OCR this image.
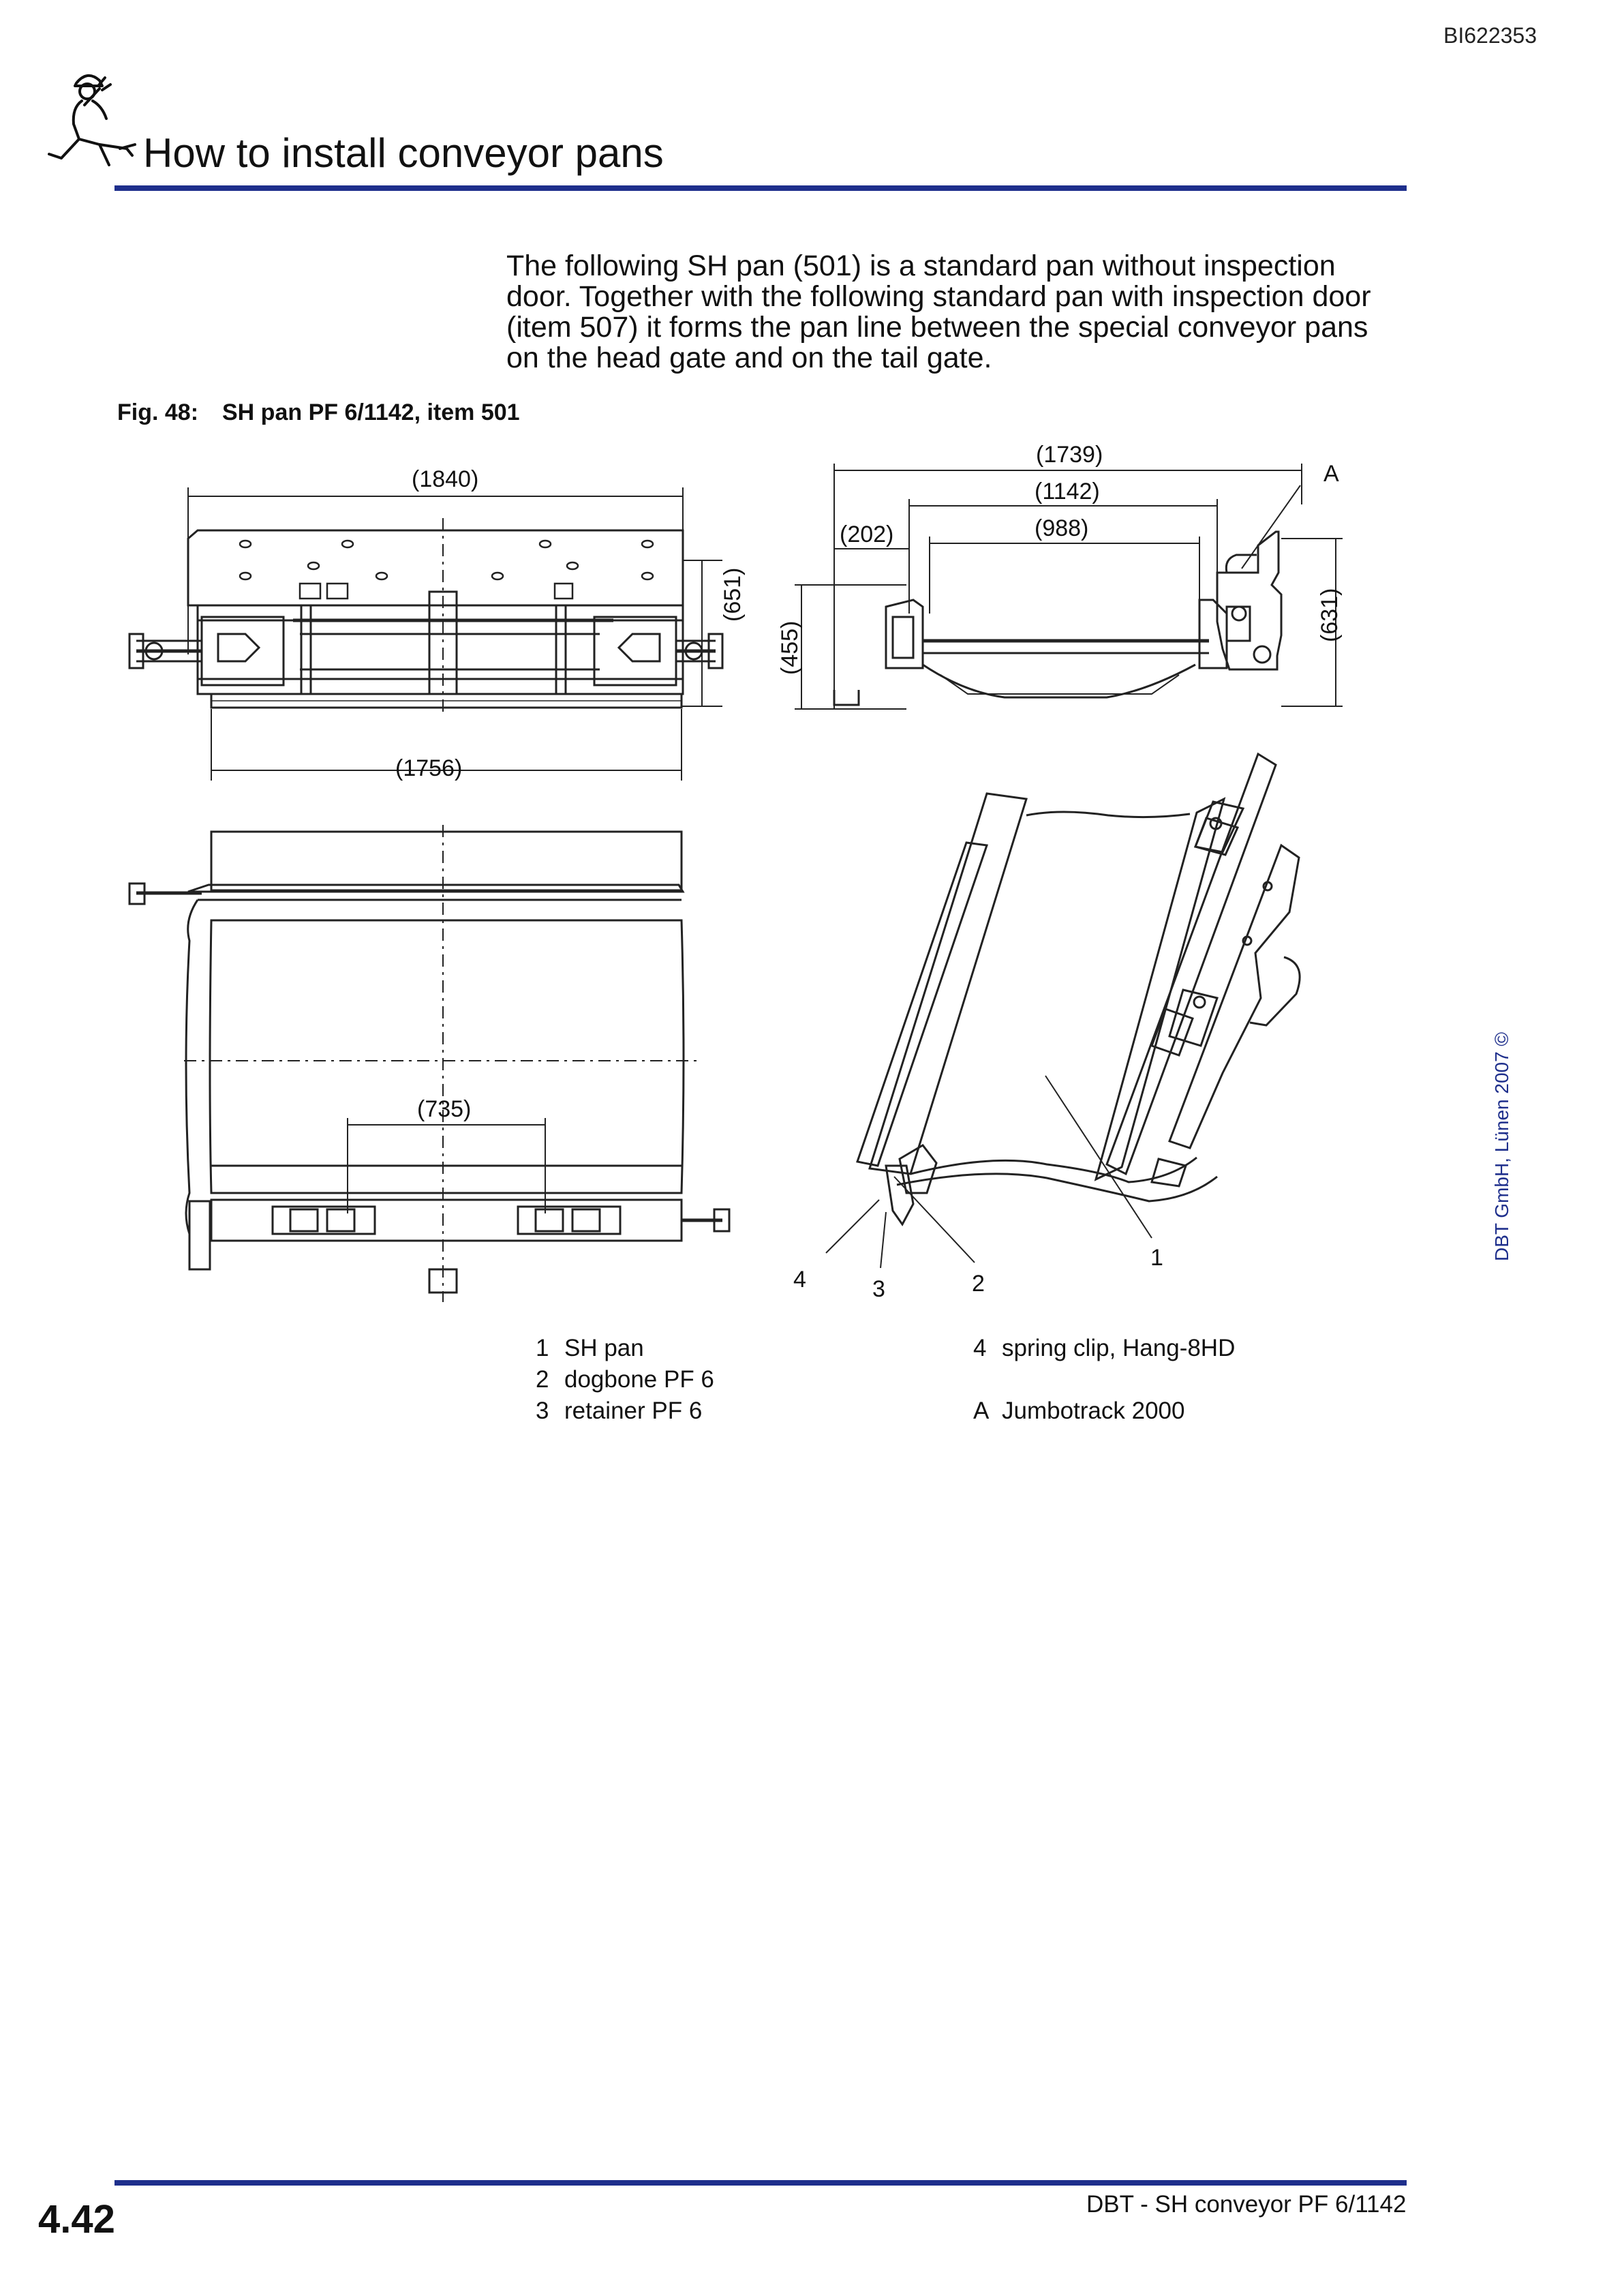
BI622353
How to install conveyor pans

The following SH pan (501) is a standard pan without inspection
door. Together with the following standard pan with inspection door
(item 507) it forms the pan line between the special conveyor pans
on the head gate and on the tail gate.

Fig. 48: SH pan PF 6/1142, item 501
(1840)
(1756)
(651)
(735)
(1739)
(1142)
(988)
(202)
(455)
(631)
A
1
2
3
4
DBT GmbH, Lünen 2007 ©
1 SH pan
2 dogbone PF 6
3 retainer PF 6
4 spring clip, Hang-8HD
A Jumbotrack 2000
4.42	DBT - SH conveyor PF 6/1142
